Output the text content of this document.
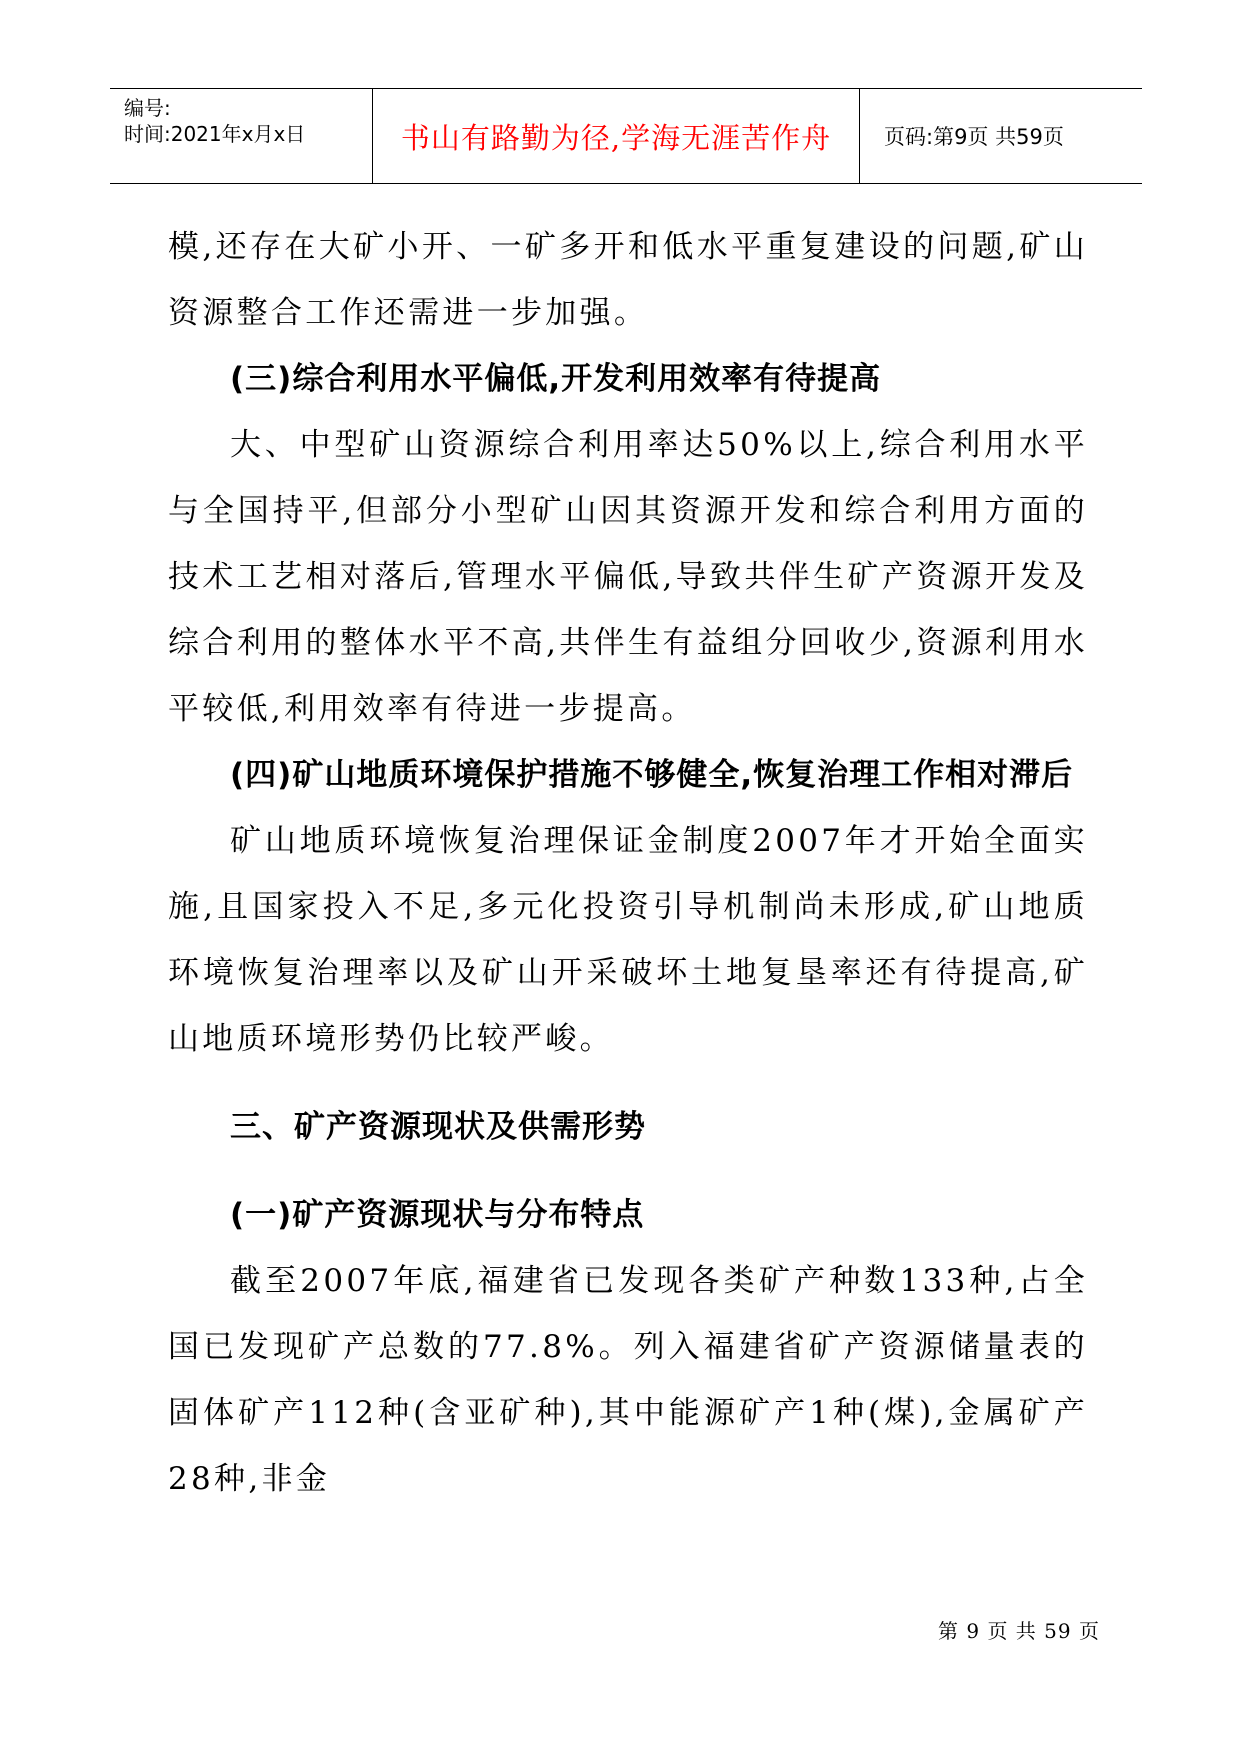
编号:
时间:2021年x月x日	书山有路勤为径,学海无涯苦作舟	页码:第9页 共59页

模,还存在大矿小开、一矿多开和低水平重复建设的问题,矿山资源整合工作还需进一步加强。

(三)综合利用水平偏低,开发利用效率有待提高

大、中型矿山资源综合利用率达50%以上,综合利用水平与全国持平,但部分小型矿山因其资源开发和综合利用方面的技术工艺相对落后,管理水平偏低,导致共伴生矿产资源开发及综合利用的整体水平不高,共伴生有益组分回收少,资源利用水平较低,利用效率有待进一步提高。

(四)矿山地质环境保护措施不够健全,恢复治理工作相对滞后

矿山地质环境恢复治理保证金制度2007年才开始全面实施,且国家投入不足,多元化投资引导机制尚未形成,矿山地质环境恢复治理率以及矿山开采破坏土地复垦率还有待提高,矿山地质环境形势仍比较严峻。

三、矿产资源现状及供需形势

(一)矿产资源现状与分布特点

截至2007年底,福建省已发现各类矿产种数133种,占全国已发现矿产总数的77.8%。列入福建省矿产资源储量表的固体矿产112种(含亚矿种),其中能源矿产1种(煤),金属矿产28种,非金

第 9 页 共 59 页
